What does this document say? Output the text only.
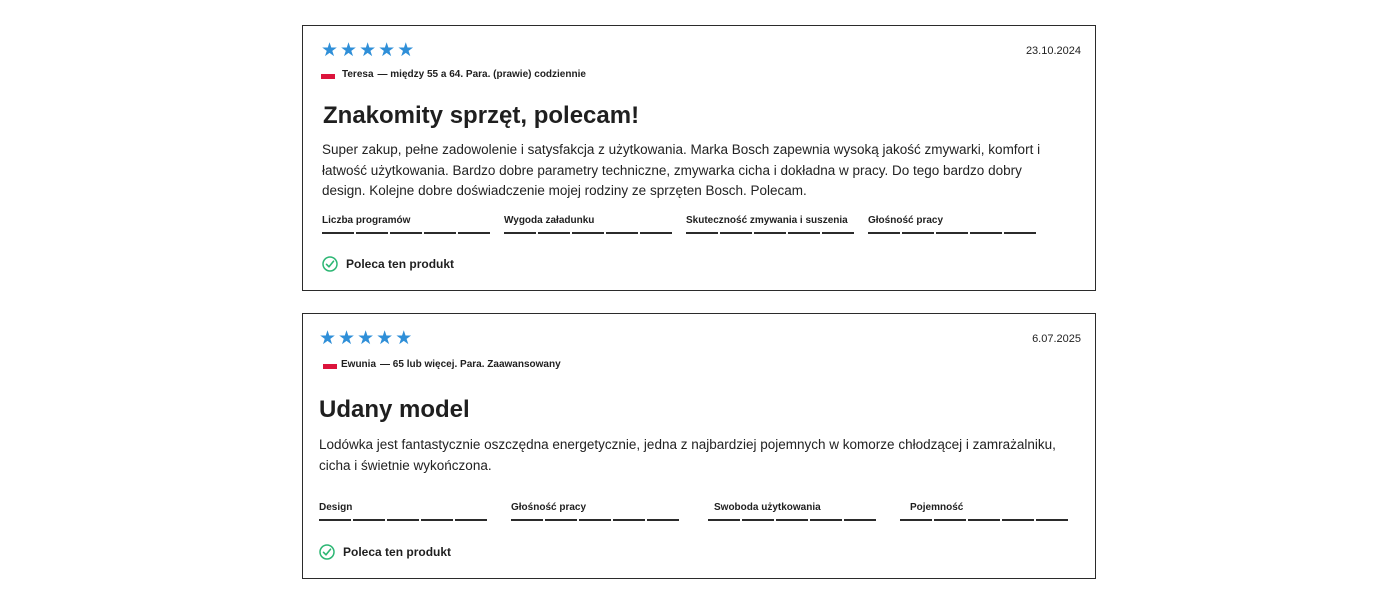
★ ★ ★ ★ ★	23.10.2024
Teresa — między 55 a 64. Para. (prawie) codziennie
Znakomity sprzęt, polecam!

Super zakup, pełne zadowolenie i satysfakcja z użytkowania. Marka Bosch zapewnia wysoką jakość zmywarki, komfort i łatwość użytkowania. Bardzo dobre parametry techniczne, zmywarka cicha i dokładna w pracy. Do tego bardzo dobry design. Kolejne dobre doświadczenie mojej rodziny ze sprzęten Bosch. Polecam.

Liczba programów	Wygoda załadunku	Skuteczność zmywania i suszenia	Głośność pracy
Poleca ten produkt
★ ★ ★ ★ ★	6.07.2025
Ewunia — 65 lub więcej. Para. Zaawansowany
Udany model

Lodówka jest fantastycznie oszczędna energetycznie, jedna z najbardziej pojemnych w komorze chłodzącej i zamrażalniku, cicha i świetnie wykończona.

Design	Głośność pracy	Swoboda użytkowania	Pojemność
Poleca ten produkt
